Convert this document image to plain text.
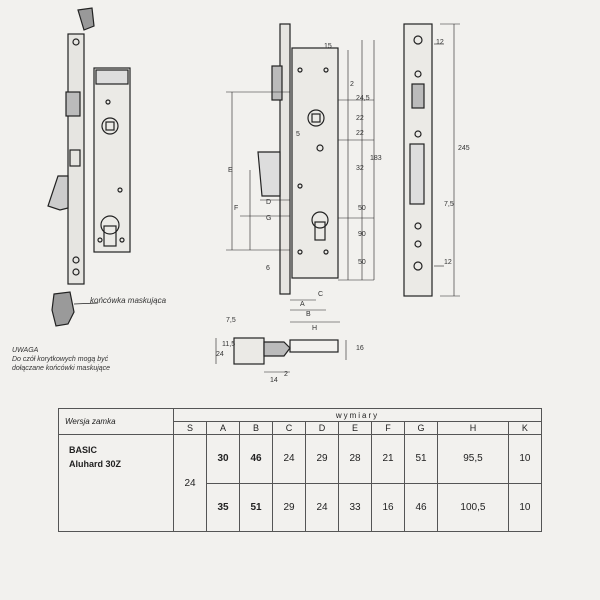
E
D
G
H
A
B
C
F
6
22
24,5
22
32
90
50
50
183
15
5
2
12
7,5
12
245
7,5
11,5
24
14
16
2
końcówka maskująca
UWAGA
Do czół korytkowych mogą być
dołączane końcówki maskujące
Wersja zamka	wymiary									
	S	A	B	C	D	E	F	G	H	K

BASIC
Aluhard 30Z	24	30	46	24	29	28	21	51	95,5	10
		35	51	29	24	33	16	46	100,5	10
